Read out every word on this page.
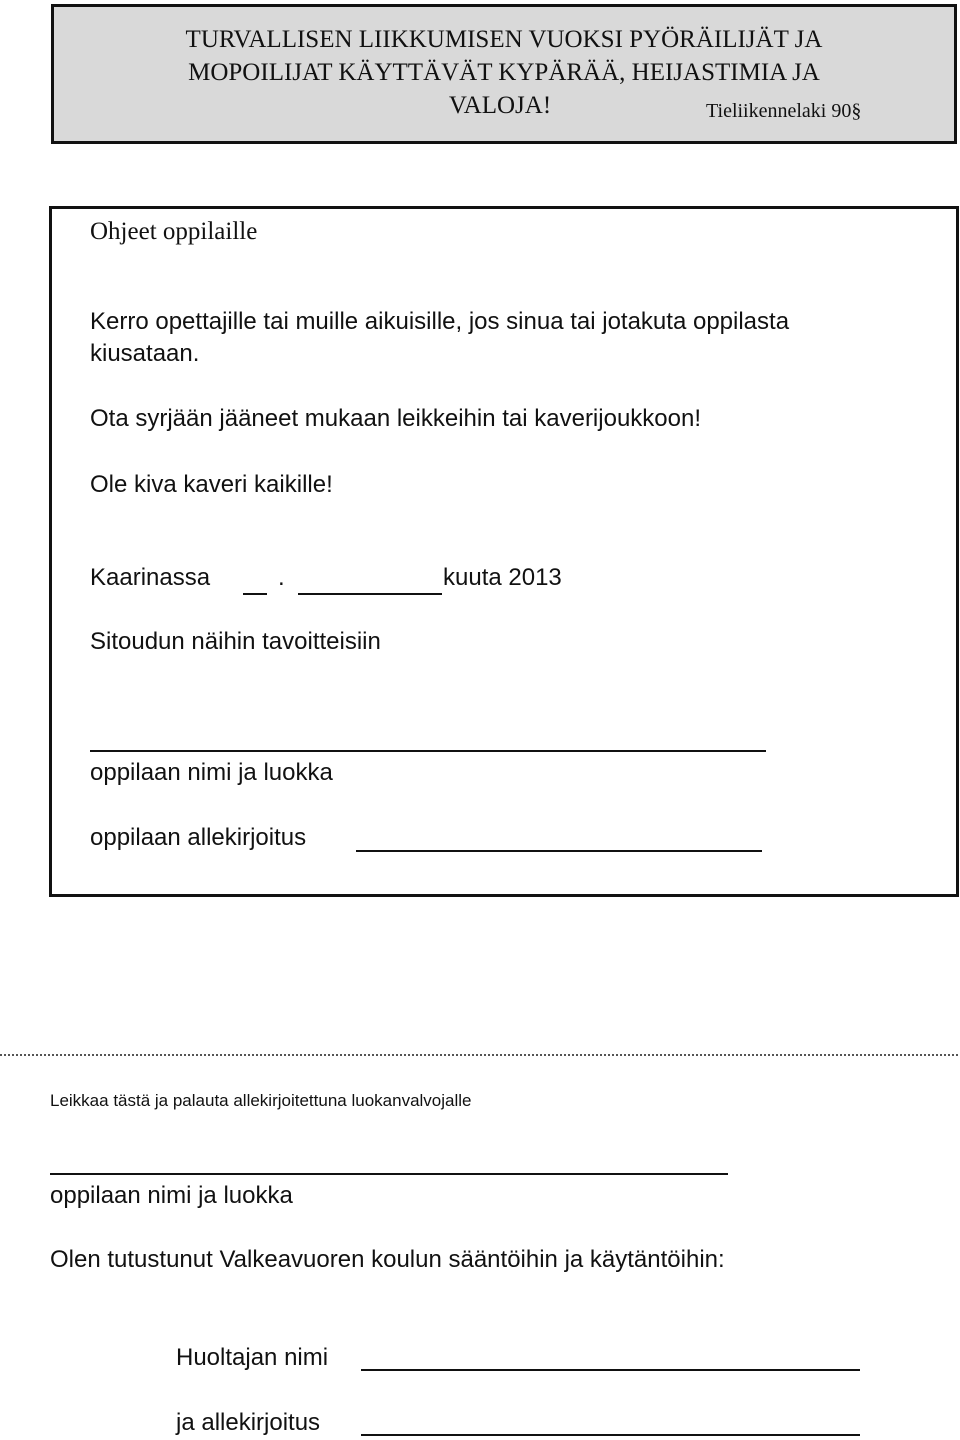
TURVALLISEN LIIKKUMISEN VUOKSI PYÖRÄILIJÄT JA
MOPOILIJAT KÄYTTÄVÄT KYPÄRÄÄ, HEIJASTIMIA JA
VALOJA!	Tieliikennelaki 90§
Ohjeet oppilaille
Kerro opettajille tai muille aikuisille, jos sinua tai jotakuta oppilasta
kiusataan.
Ota syrjään jääneet mukaan leikkeihin tai kaverijoukkoon!
Ole kiva kaveri kaikille!
Kaarinassa	.	kuuta 2013
Sitoudun näihin tavoitteisiin
oppilaan nimi ja luokka
oppilaan allekirjoitus
Leikkaa tästä ja palauta allekirjoitettuna luokanvalvojalle
oppilaan nimi ja luokka
Olen tutustunut Valkeavuoren koulun sääntöihin ja käytäntöihin:
Huoltajan nimi
ja allekirjoitus
